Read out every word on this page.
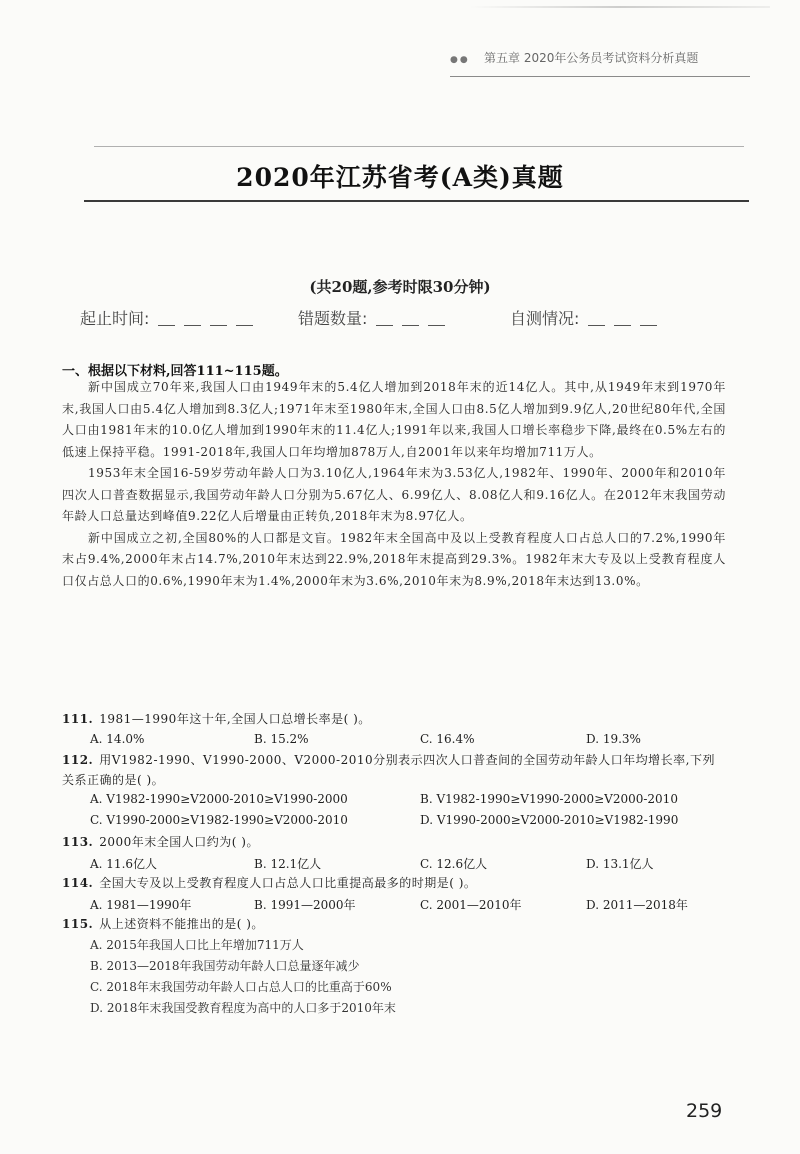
●● 第五章 2020年公务员考试资料分析真题
2020年江苏省考(A类)真题
(共20题,参考时限30分钟)
起止时间:	错题数量:	自测情况:
一、根据以下材料,回答111~115题。

新中国成立70年来,我国人口由1949年末的5.4亿人增加到2018年末的近14亿人。其中,从1949年末到1970年末,我国人口由5.4亿人增加到8.3亿人;1971年末至1980年末,全国人口由8.5亿人增加到9.9亿人,20世纪80年代,全国人口由1981年末的10.0亿人增加到1990年末的11.4亿人;1991年以来,我国人口增长率稳步下降,最终在0.5%左右的低速上保持平稳。1991-2018年,我国人口年均增加878万人,自2001年以来年均增加711万人。

1953年末全国16-59岁劳动年龄人口为3.10亿人,1964年末为3.53亿人,1982年、1990年、2000年和2010年四次人口普查数据显示,我国劳动年龄人口分别为5.67亿人、6.99亿人、8.08亿人和9.16亿人。在2012年末我国劳动年龄人口总量达到峰值9.22亿人后增量由正转负,2018年末为8.97亿人。

新中国成立之初,全国80%的人口都是文盲。1982年末全国高中及以上受教育程度人口占总人口的7.2%,1990年末占9.4%,2000年末占14.7%,2010年末达到22.9%,2018年末提高到29.3%。1982年末大专及以上受教育程度人口仅占总人口的0.6%,1990年末为1.4%,2000年末为3.6%,2010年末为8.9%,2018年末达到13.0%。

111. 1981—1990年这十年,全国人口总增长率是( )。
A. 14.0%	B. 15.2%	C. 16.4%	D. 19.3%
112. 用V1982-1990、V1990-2000、V2000-2010分别表示四次人口普查间的全国劳动年龄人口年均增长率,下列关系正确的是( )。
A. V1982-1990≥V2000-2010≥V1990-2000	B. V1982-1990≥V1990-2000≥V2000-2010
C. V1990-2000≥V1982-1990≥V2000-2010	D. V1990-2000≥V2000-2010≥V1982-1990
113. 2000年末全国人口约为( )。
A. 11.6亿人	B. 12.1亿人	C. 12.6亿人	D. 13.1亿人
114. 全国大专及以上受教育程度人口占总人口比重提高最多的时期是( )。
A. 1981—1990年	B. 1991—2000年	C. 2001—2010年	D. 2011—2018年
115. 从上述资料不能推出的是( )。
A. 2015年我国人口比上年增加711万人
B. 2013—2018年我国劳动年龄人口总量逐年减少
C. 2018年末我国劳动年龄人口占总人口的比重高于60%
D. 2018年末我国受教育程度为高中的人口多于2010年末
259
